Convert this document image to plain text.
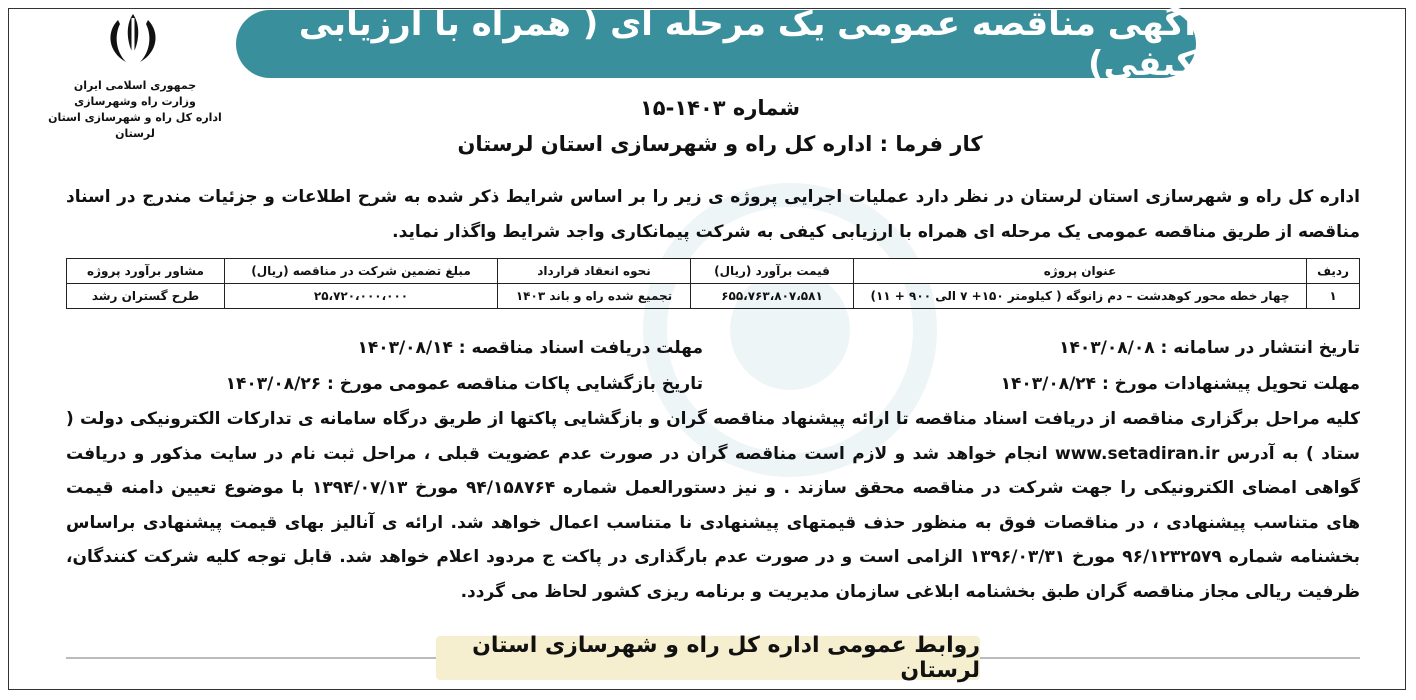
جمهوری اسلامی ایران
وزارت راه وشهرسازی
اداره کل راه و شهرسازی استان لرستان
آگهی مناقصه عمومی یک مرحله ای ( همراه با ارزیابی کیفی)
شماره ۱۴۰۳-۱۵
کار فرما : اداره کل راه و شهرسازی استان لرستان
اداره کل راه و شهرسازی استان لرستان در نظر دارد عملیات اجرایی پروژه ی زیر را بر اساس شرایط ذکر شده به شرح اطلاعات و جزئیات مندرج در اسناد مناقصه از طریق مناقصه عمومی یک مرحله ای همراه با ارزیابی کیفی به شرکت پیمانکاری واجد شرایط واگذار نماید.
ردیف	عنوان پروژه	قیمت برآورد (ریال)	نحوه انعقاد قرارداد	مبلغ تضمین شرکت در مناقصه (ریال)	مشاور برآورد پروژه
۱	چهار خطه محور کوهدشت – دم زانوگه ( کیلومتر ۱۵۰+ ۷ الی ۹۰۰ + ۱۱)	۶۵۵،۷۶۳،۸۰۷،۵۸۱	تجمیع شده راه و باند ۱۴۰۳	۲۵،۷۲۰،۰۰۰،۰۰۰	طرح گستران رشد
تاریخ انتشار در سامانه : ۱۴۰۳/۰۸/۰۸
مهلت دریافت اسناد مناقصه : ۱۴۰۳/۰۸/۱۴
مهلت تحویل پیشنهادات مورخ : ۱۴۰۳/۰۸/۲۴
تاریخ بازگشایی پاکات مناقصه عمومی مورخ : ۱۴۰۳/۰۸/۲۶
کلیه مراحل برگزاری مناقصه از دریافت اسناد مناقصه تا ارائه پیشنهاد مناقصه گران و بازگشایی پاکتها از طریق درگاه سامانه ی تدارکات الکترونیکی دولت ( ستاد ) به آدرس www.setadiran.ir انجام خواهد شد و لازم است مناقصه گران در صورت عدم عضویت قبلی ، مراحل ثبت نام در سایت مذکور و دریافت گواهی امضای الکترونیکی را جهت شرکت در مناقصه محقق سازند . و نیز دستورالعمل شماره ۹۴/۱۵۸۷۶۴ مورخ ۱۳۹۴/۰۷/۱۳ با موضوع تعیین دامنه قیمت های متناسب پیشنهادی ، در مناقصات فوق به منظور حذف قیمتهای پیشنهادی نا متناسب اعمال خواهد شد. ارائه ی آنالیز بهای قیمت پیشنهادی براساس بخشنامه شماره ۹۶/۱۲۳۲۵۷۹ مورخ ۱۳۹۶/۰۳/۳۱ الزامی است و در صورت عدم بارگذاری در پاکت ج مردود اعلام خواهد شد. قابل توجه کلیه شرکت کنندگان، ظرفیت ریالی مجاز مناقصه گران طبق بخشنامه ابلاغی سازمان مدیریت و برنامه ریزی کشور لحاظ می گردد.
روابط عمومی اداره کل راه و شهرسازی استان لرستان
